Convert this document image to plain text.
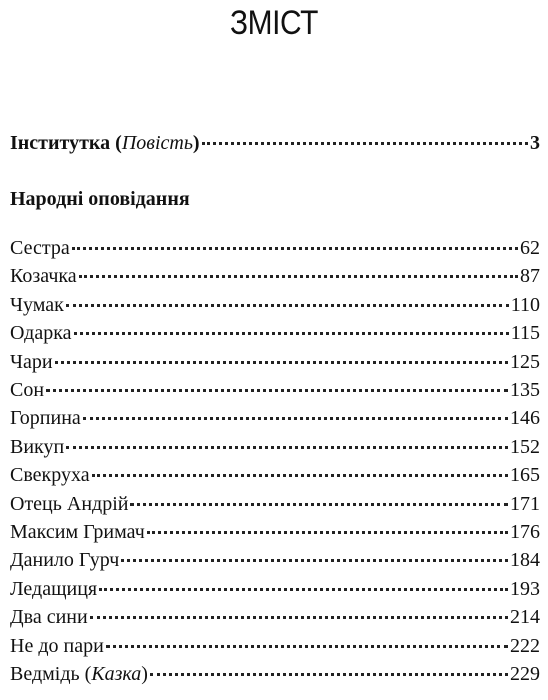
ЗМІСТ
Інститутка (Повість)	3
Народні оповідання
Сестра	62
Козачка	87
Чумак	110
Одарка	115
Чари	125
Сон	135
Горпина	146
Викуп	152
Свекруха	165
Отець Андрій	171
Максим Гримач	176
Данило Гурч	184
Ледащиця	193
Два сини	214
Не до пари	222
Ведмідь (Казка)	229
